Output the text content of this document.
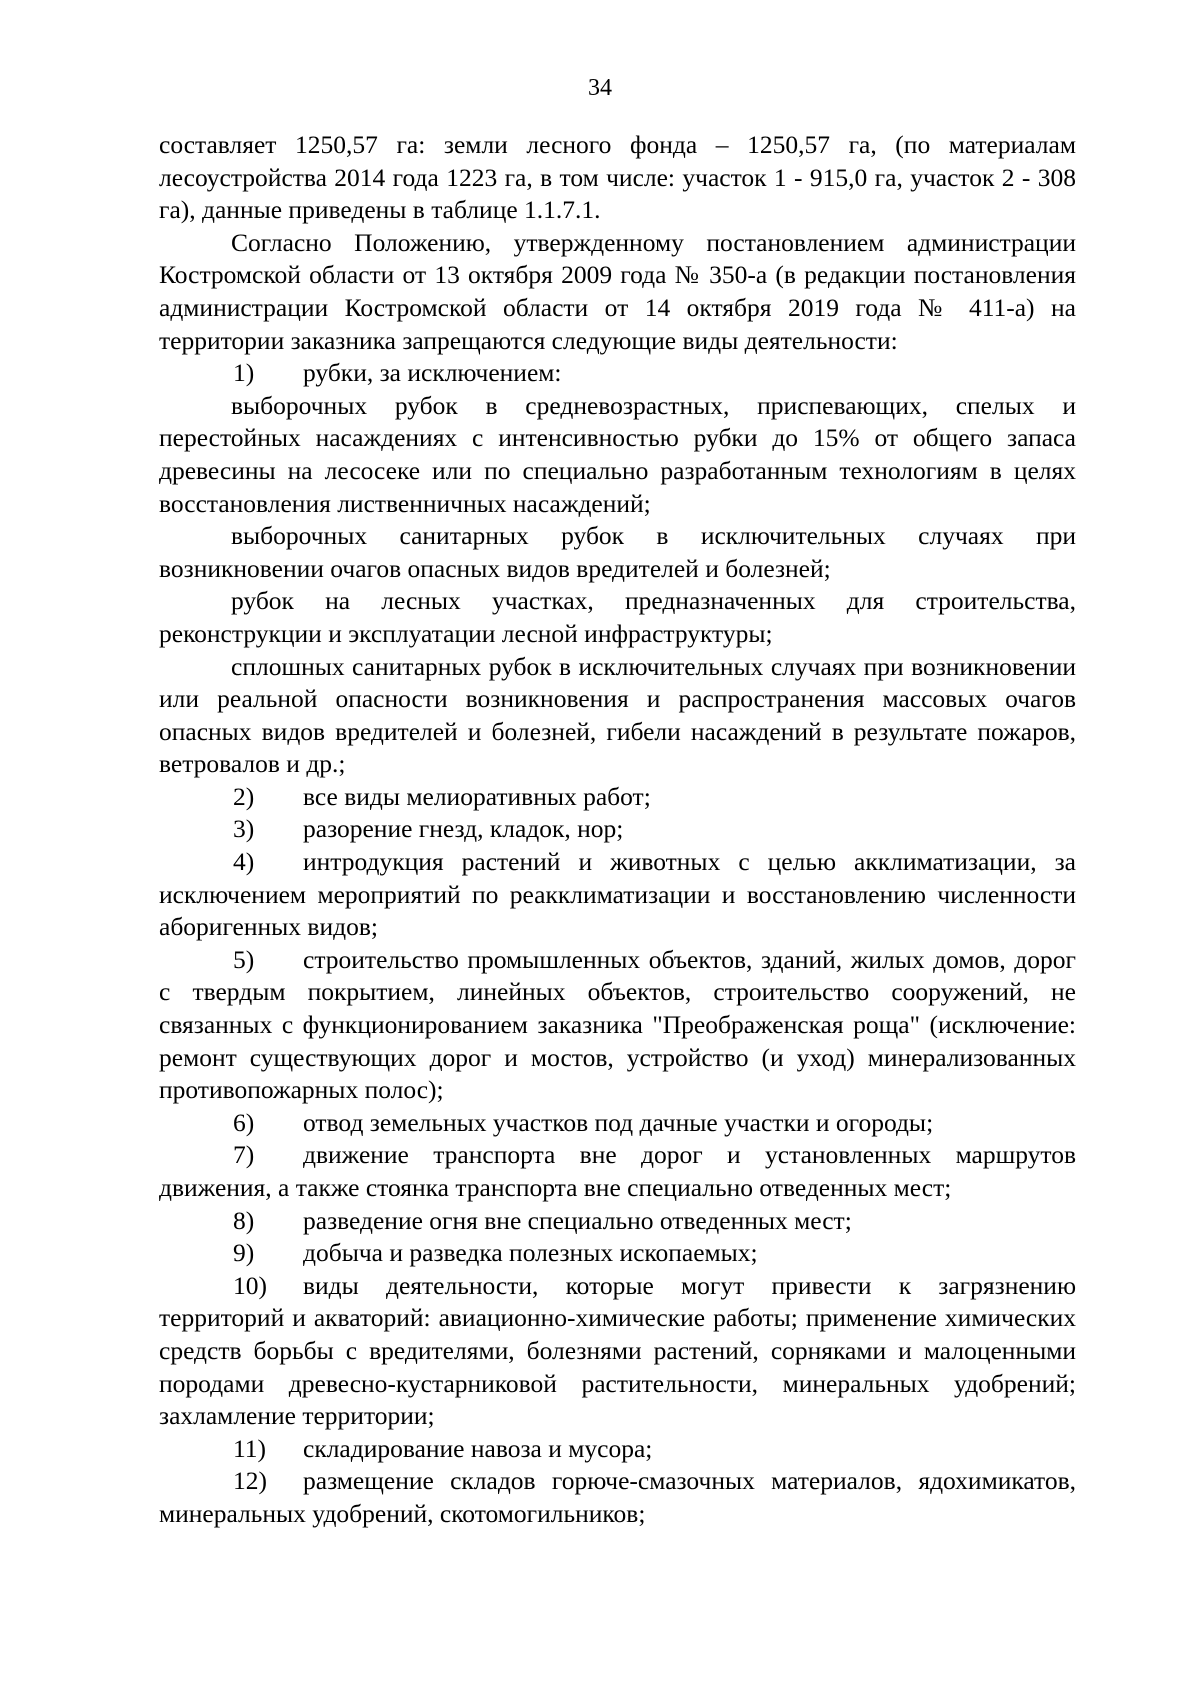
34

составляет 1250,57 га: земли лесного фонда – 1250,57 га, (по материалам лесоустройства 2014 года 1223 га, в том числе: участок 1 - 915,0 га, участок 2 - 308 га), данные приведены в таблице 1.1.7.1.

Согласно Положению, утвержденному постановлением администрации Костромской области от 13 октября 2009 года № 350-а (в редакции постановления администрации Костромской области от 14 октября 2019 года № 411-а) на территории заказника запрещаются следующие виды деятельности:

1) рубки, за исключением:

выборочных рубок в средневозрастных, приспевающих, спелых и перестойных насаждениях с интенсивностью рубки до 15% от общего запаса древесины на лесосеке или по специально разработанным технологиям в целях восстановления лиственничных насаждений;

выборочных санитарных рубок в исключительных случаях при возникновении очагов опасных видов вредителей и болезней;

рубок на лесных участках, предназначенных для строительства, реконструкции и эксплуатации лесной инфраструктуры;

сплошных санитарных рубок в исключительных случаях при возникновении или реальной опасности возникновения и распространения массовых очагов опасных видов вредителей и болезней, гибели насаждений в результате пожаров, ветровалов и др.;

2) все виды мелиоративных работ;

3) разорение гнезд, кладок, нор;

4) интродукция растений и животных с целью акклиматизации, за исключением мероприятий по реакклиматизации и восстановлению численности аборигенных видов;

5) строительство промышленных объектов, зданий, жилых домов, дорог с твердым покрытием, линейных объектов, строительство сооружений, не связанных с функционированием заказника "Преображенская роща" (исключение: ремонт существующих дорог и мостов, устройство (и уход) минерализованных противопожарных полос);

6) отвод земельных участков под дачные участки и огороды;

7) движение транспорта вне дорог и установленных маршрутов движения, а также стоянка транспорта вне специально отведенных мест;

8) разведение огня вне специально отведенных мест;

9) добыча и разведка полезных ископаемых;

10) виды деятельности, которые могут привести к загрязнению территорий и акваторий: авиационно-химические работы; применение химических средств борьбы с вредителями, болезнями растений, сорняками и малоценными породами древесно-кустарниковой растительности, минеральных удобрений; захламление территории;

11) складирование навоза и мусора;

12) размещение складов горюче-смазочных материалов, ядохимикатов, минеральных удобрений, скотомогильников;
